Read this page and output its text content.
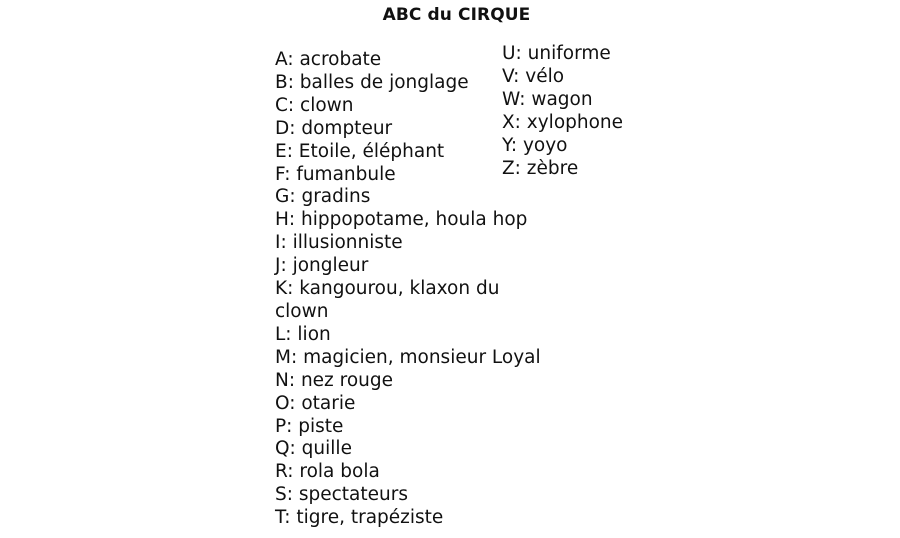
ABC du CIRQUE
A: acrobate
B: balles de jonglage
C: clown
D: dompteur
E: Etoile, éléphant
F: fumanbule
G: gradins
H: hippopotame, houla hop
I: illusionniste
J: jongleur
K: kangourou, klaxon du clown
L: lion
M: magicien, monsieur Loyal
N: nez rouge
O: otarie
P: piste
Q: quille
R: rola bola
S: spectateurs
T: tigre, trapéziste
U: uniforme
V: vélo
W: wagon
X: xylophone
Y: yoyo
Z: zèbre
